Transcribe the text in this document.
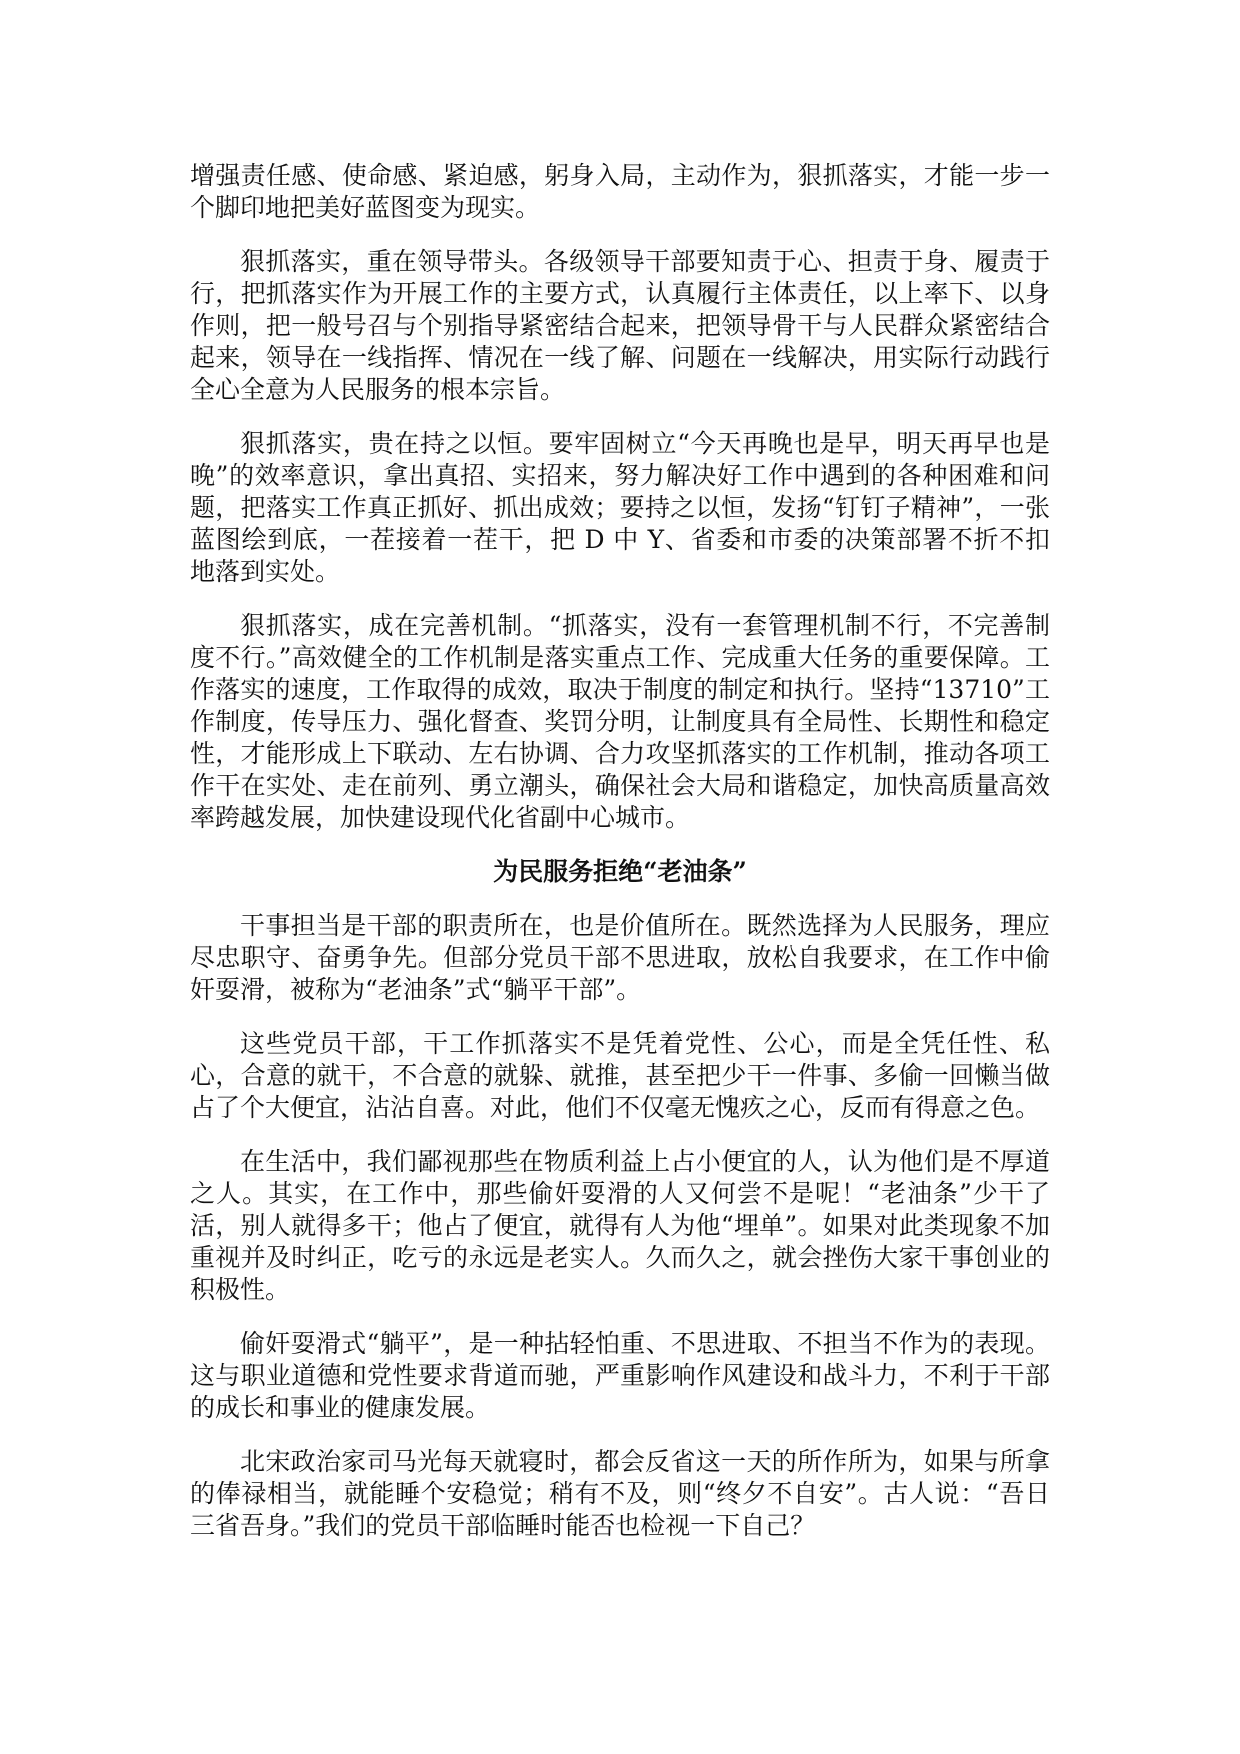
增强责任感、使命感、紧迫感，躬身入局，主动作为，狠抓落实，才能一步一个脚印地把美好蓝图变为现实。

狠抓落实，重在领导带头。各级领导干部要知责于心、担责于身、履责于行，把抓落实作为开展工作的主要方式，认真履行主体责任，以上率下、以身作则，把一般号召与个别指导紧密结合起来，把领导骨干与人民群众紧密结合起来，领导在一线指挥、情况在一线了解、问题在一线解决，用实际行动践行全心全意为人民服务的根本宗旨。

狠抓落实，贵在持之以恒。要牢固树立“今天再晚也是早，明天再早也是晚”的效率意识，拿出真招、实招来，努力解决好工作中遇到的各种困难和问题，把落实工作真正抓好、抓出成效；要持之以恒，发扬“钉钉子精神”，一张蓝图绘到底，一茬接着一茬干，把 D 中 Y、省委和市委的决策部署不折不扣地落到实处。

狠抓落实，成在完善机制。“抓落实，没有一套管理机制不行，不完善制度不行。”高效健全的工作机制是落实重点工作、完成重大任务的重要保障。工作落实的速度，工作取得的成效，取决于制度的制定和执行。坚持“13710”工作制度，传导压力、强化督查、奖罚分明，让制度具有全局性、长期性和稳定性，才能形成上下联动、左右协调、合力攻坚抓落实的工作机制，推动各项工作干在实处、走在前列、勇立潮头，确保社会大局和谐稳定，加快高质量高效率跨越发展，加快建设现代化省副中心城市。

为民服务拒绝“老油条”

干事担当是干部的职责所在，也是价值所在。既然选择为人民服务，理应尽忠职守、奋勇争先。但部分党员干部不思进取，放松自我要求，在工作中偷奸耍滑，被称为“老油条”式“躺平干部”。

这些党员干部，干工作抓落实不是凭着党性、公心，而是全凭任性、私心，合意的就干，不合意的就躲、就推，甚至把少干一件事、多偷一回懒当做占了个大便宜，沾沾自喜。对此，他们不仅毫无愧疚之心，反而有得意之色。

在生活中，我们鄙视那些在物质利益上占小便宜的人，认为他们是不厚道之人。其实，在工作中，那些偷奸耍滑的人又何尝不是呢！“老油条”少干了活，别人就得多干；他占了便宜，就得有人为他“埋单”。如果对此类现象不加重视并及时纠正，吃亏的永远是老实人。久而久之，就会挫伤大家干事创业的积极性。

偷奸耍滑式“躺平”，是一种拈轻怕重、不思进取、不担当不作为的表现。这与职业道德和党性要求背道而驰，严重影响作风建设和战斗力，不利于干部的成长和事业的健康发展。

北宋政治家司马光每天就寝时，都会反省这一天的所作所为，如果与所拿的俸禄相当，就能睡个安稳觉；稍有不及，则“终夕不自安”。古人说：“吾日三省吾身。”我们的党员干部临睡时能否也检视一下自己？
